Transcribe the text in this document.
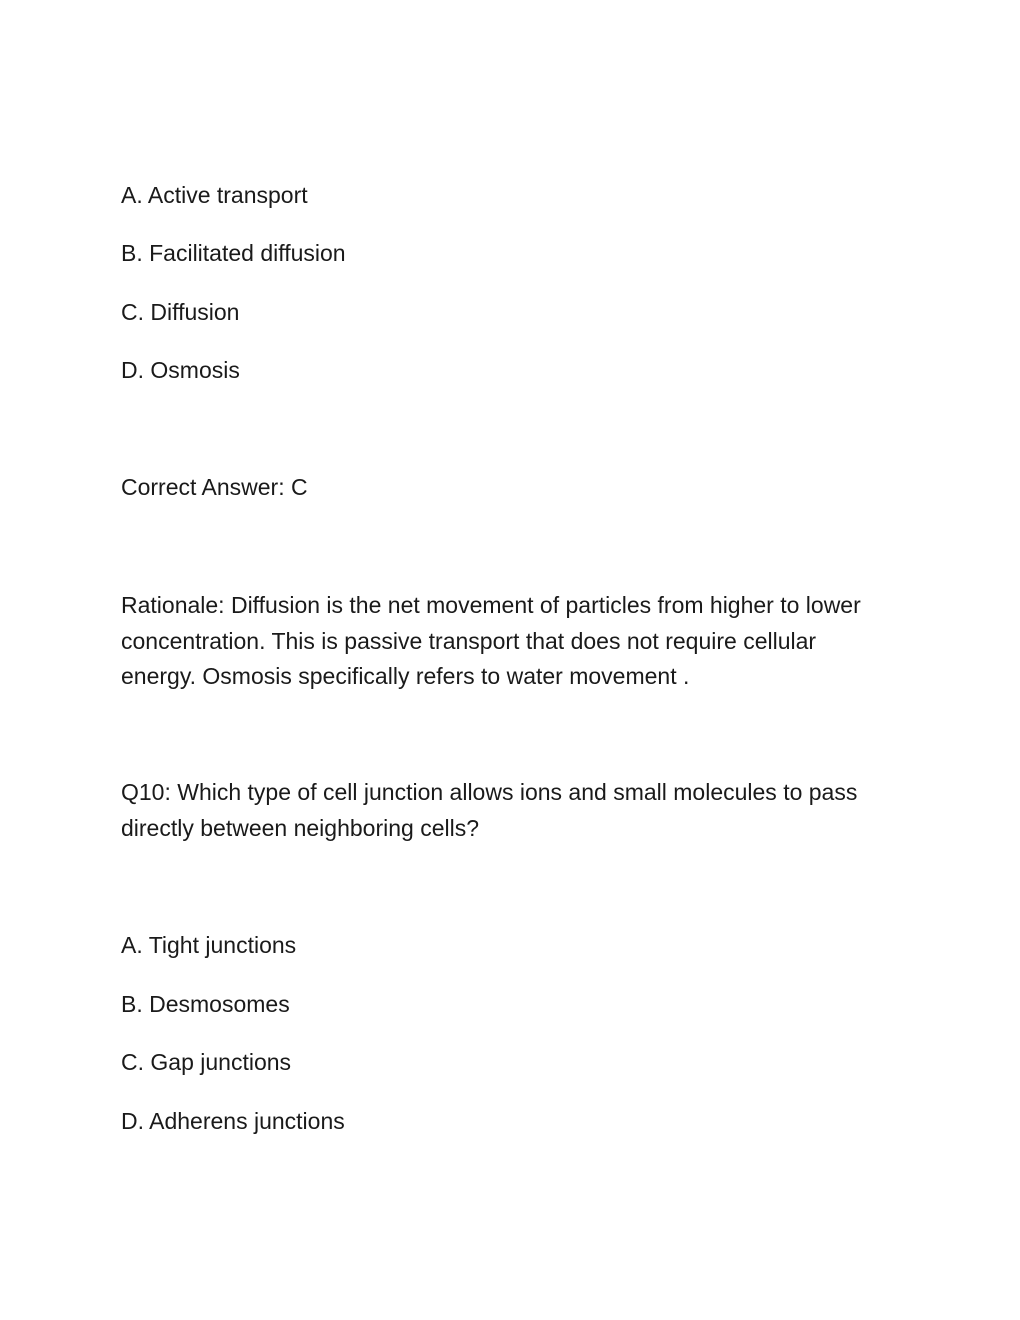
A. Active transport
B. Facilitated diffusion
C. Diffusion
D. Osmosis
Correct Answer: C
Rationale: Diffusion is the net movement of particles from higher to lower concentration. This is passive transport that does not require cellular energy. Osmosis specifically refers to water movement .
Q10: Which type of cell junction allows ions and small molecules to pass directly between neighboring cells?
A. Tight junctions
B. Desmosomes
C. Gap junctions
D. Adherens junctions
